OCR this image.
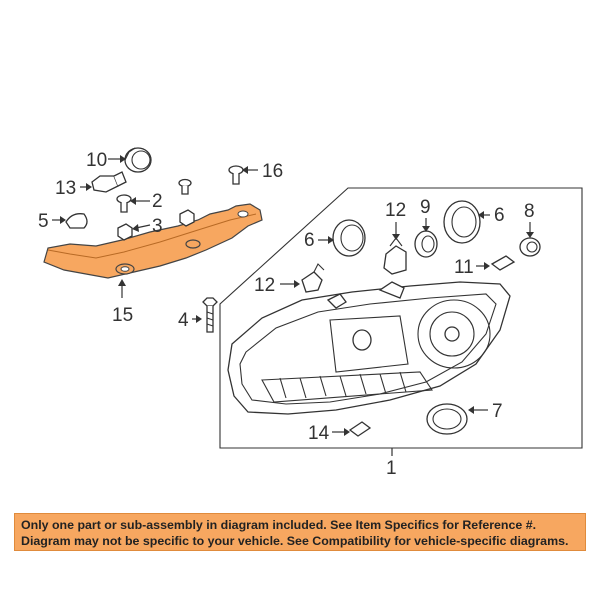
10
13
2
5	3
16
15 4
6
12 9	6 8
11
12
7
14
1
Only one part or sub-assembly in diagram included. See Item Specifics for Reference #.
Diagram may not be specific to your vehicle. See Compatibility for vehicle-specific diagrams.
